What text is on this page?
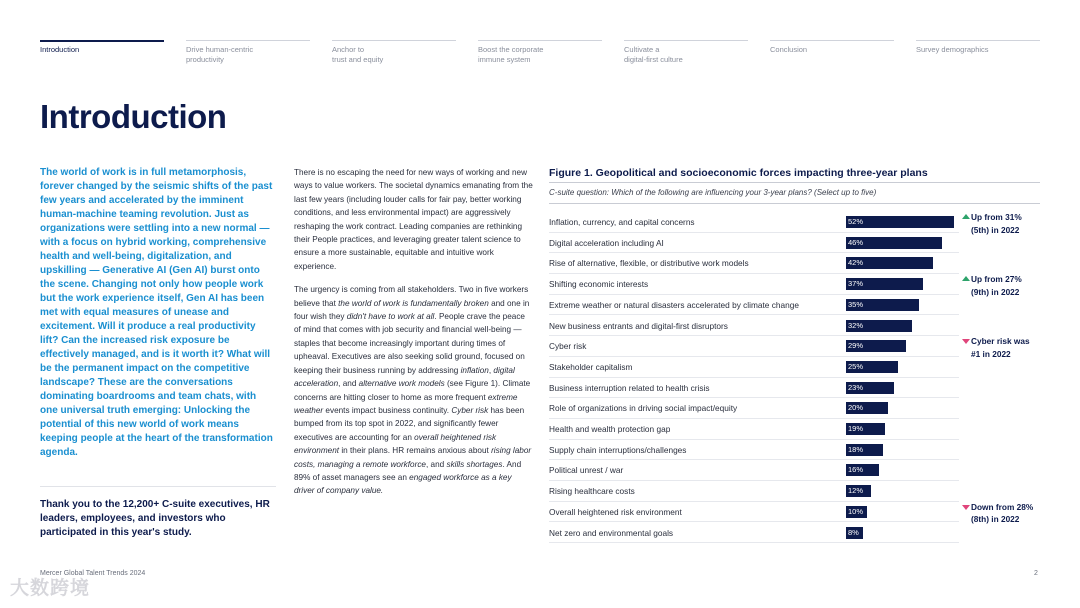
Introduction	Drive human-centric
productivity
Anchor to
trust and equity
Boost the corporate
immune system
Cultivate a
digital-first culture
Conclusion	Survey demographics
Introduction

The world of work is in full metamorphosis, forever changed by the seismic shifts of the past few years and accelerated by the imminent human-machine teaming revolution. Just as organizations were settling into a new normal — with a focus on hybrid working, comprehensive health and well-being, digitalization, and upskilling — Generative AI (Gen AI) burst onto the scene. Changing not only how people work but the work experience itself, Gen AI has been met with equal measures of unease and excitement. Will it produce a real productivity lift? Can the increased risk exposure be effectively managed, and is it worth it? What will be the permanent impact on the competitive landscape? These are the conversations dominating boardrooms and team chats, with one universal truth emerging: Unlocking the potential of this new world of work means keeping people at the heart of the transformation agenda.

Thank you to the 12,200+ C-suite executives, HR leaders, employees, and investors who participated in this year's study.

There is no escaping the need for new ways of working and new ways to value workers. The societal dynamics emanating from the last few years (including louder calls for fair pay, better working conditions, and less environmental impact) are aggressively reshaping the work contract. Leading companies are rethinking their People practices, and leveraging greater talent science to ensure a more sustainable, equitable and intuitive work experience.

The urgency is coming from all stakeholders. Two in five workers believe that the world of work is fundamentally broken and one in four wish they didn't have to work at all. People crave the peace of mind that comes with job security and financial well-being — staples that become increasingly important during times of upheaval. Executives are also seeking solid ground, focused on keeping their business running by addressing inflation, digital acceleration, and alternative work models (see Figure 1). Climate concerns are hitting closer to home as more frequent extreme weather events impact business continuity. Cyber risk has been bumped from its top spot in 2022, and significantly fewer executives are accounting for an overall heightened risk environment in their plans. HR remains anxious about rising labor costs, managing a remote workforce, and skills shortages. And 89% of asset managers see an engaged workforce as a key driver of company value.

Figure 1. Geopolitical and socioeconomic forces impacting three-year plans
C-suite question: Which of the following are influencing your 3-year plans? (Select up to five)
Inflation, currency, and capital concerns	52%
Digital acceleration including AI	46%
Rise of alternative, flexible, or distributive work models	42%
Shifting economic interests	37%
Extreme weather or natural disasters accelerated by climate change	35%
New business entrants and digital-first disruptors	32%
Cyber risk	29%
Stakeholder capitalism	25%
Business interruption related to health crisis	23%
Role of organizations in driving social impact/equity	20%
Health and wealth protection gap	19%
Supply chain interruptions/challenges	18%
Political unrest / war	16%
Rising healthcare costs	12%
Overall heightened risk environment	10%
Net zero and environmental goals	8%
Up from 31% (5th) in 2022
Up from 27% (9th) in 2022
Cyber risk was #1 in 2022
Down from 28% (8th) in 2022
Mercer Global Talent Trends 2024	2
大数跨境
